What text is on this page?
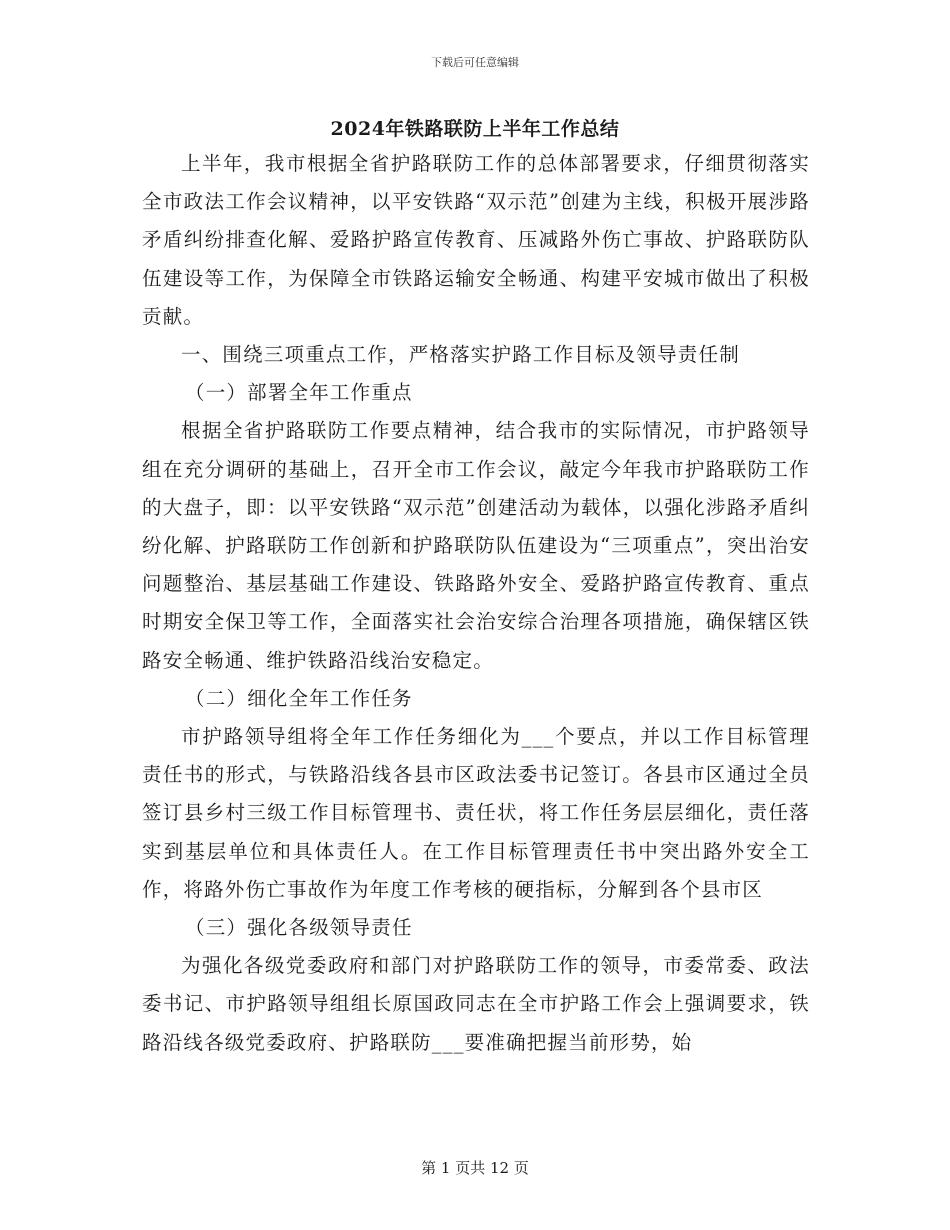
下载后可任意编辑
2024年铁路联防上半年工作总结

上半年，我市根据全省护路联防工作的总体部署要求，仔细贯彻落实全市政法工作会议精神，以平安铁路“双示范”创建为主线，积极开展涉路矛盾纠纷排查化解、爱路护路宣传教育、压减路外伤亡事故、护路联防队伍建设等工作，为保障全市铁路运输安全畅通、构建平安城市做出了积极贡献。

一、围绕三项重点工作，严格落实护路工作目标及领导责任制

（一）部署全年工作重点

根据全省护路联防工作要点精神，结合我市的实际情况，市护路领导组在充分调研的基础上，召开全市工作会议，敲定今年我市护路联防工作的大盘子，即：以平安铁路“双示范”创建活动为载体，以强化涉路矛盾纠纷化解、护路联防工作创新和护路联防队伍建设为“三项重点”，突出治安问题整治、基层基础工作建设、铁路路外安全、爱路护路宣传教育、重点时期安全保卫等工作，全面落实社会治安综合治理各项措施，确保辖区铁路安全畅通、维护铁路沿线治安稳定。

（二）细化全年工作任务

市护路领导组将全年工作任务细化为___个要点，并以工作目标管理责任书的形式，与铁路沿线各县市区政法委书记签订。各县市区通过全员签订县乡村三级工作目标管理书、责任状，将工作任务层层细化，责任落实到基层单位和具体责任人。在工作目标管理责任书中突出路外安全工作，将路外伤亡事故作为年度工作考核的硬指标，分解到各个县市区

（三）强化各级领导责任

为强化各级党委政府和部门对护路联防工作的领导，市委常委、政法委书记、市护路领导组组长原国政同志在全市护路工作会上强调要求，铁路沿线各级党委政府、护路联防___要准确把握当前形势，始

第 1 页共 12 页
